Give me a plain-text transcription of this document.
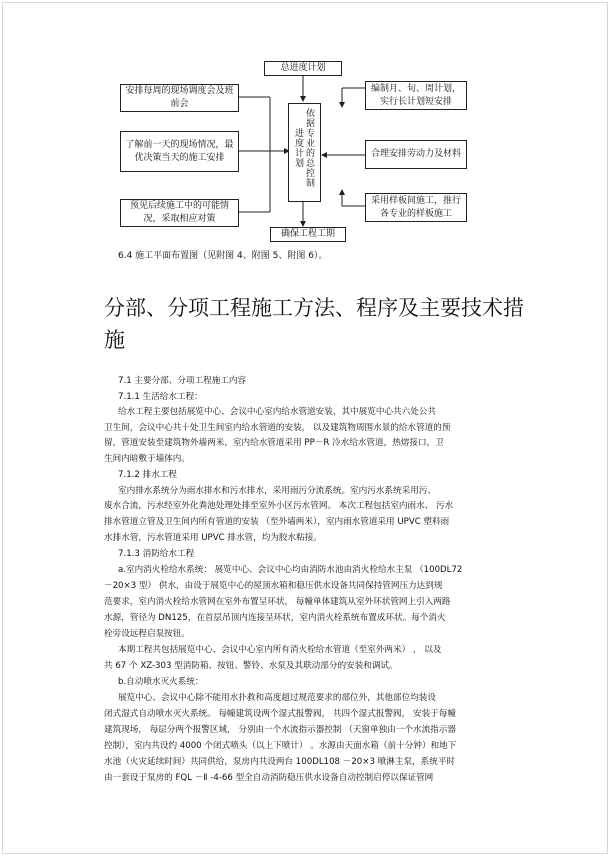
总进度计划
依据专业的总控制
进度计划
确保工程工期
安排每周的现场调度会及班前会
了解前一天的现场情况，最优决策当天的施工安排
预见后续施工中的可能情况，采取相应对策
编制月、旬、周计划，实行长计划短安排
合理安排劳动力及材料
采用样板间施工，推行各专业的样板施工
6.4 施工平面布置图（见附图 4、附图 5、附图 6）。
分部、分项工程施工方法、程序及主要技术措施
7.1 主要分部、分项工程施工内容
7.1.1 生活给水工程：
给水工程主要包括展览中心、会议中心室内给水管道安装，其中展览中心共六处公共
卫生间，会议中心共十处卫生间室内给水管道的安装， 以及建筑物周围水景的给水管道的预
留，管道安装至建筑物外墙两米，室内给水管道采用 PP－R 冷水给水管道，热熔接口，卫
生间内暗敷于墙体内。
7.1.2 排水工程
室内排水系统分为雨水排水和污水排水，采用雨污分流系统。室内污水系统采用污、
废水合流，污水经室外化粪池处理处排至室外小区污水管网。 本次工程包括室内雨水、 污水
排水管道立管及卫生间内所有管道的安装 （至外墙两米），室内雨水管道采用 UPVC 塑料雨
水排水管，污水管道采用 UPVC 排水管，均为胶水粘接。
7.1.3 消防给水工程
a.室内消火栓给水系统： 展览中心、会议中心均由消防水池由消火栓给水主泵 （100DL72
－20×3 型） 供水，由设于展览中心的屋顶水箱和稳压供水设备共同保持管网压力达到规
范要求，室内消火栓给水管网在室外布置呈环状， 每幢单体建筑从室外环状管网上引入两路
水源，管径为 DN125，在首层吊顶内连接呈环状，室内消火栓系统布置成环状。每个消火
栓旁设远程启泵按钮。
本期工程共包括展览中心、会议中心室内所有消火栓给水管道（至室外两米） ， 以及
共 67 个 XZ-303 型消防箱、按钮、警铃、水泵及其联动部分的安装和调试。
b.自动喷水灭火系统：
展览中心、会议中心除不能用水扑救和高度超过规范要求的部位外，其他部位均装设
闭式湿式自动喷水灭火系统。 每幢建筑设两个湿式报警阀， 共四个湿式报警阀， 安装于每幢
建筑现场， 每层分两个报警区域， 分别由一个水流指示器控制 （天窗单独由一个水流指示器
控制），室内共设约 4000 个闭式喷头（以上下喷计） 。水源由天面水箱（前十分钟）和地下
水池（火灾延续时间）共同供给，泵房内共设两台 100DL108 －20×3 喷淋主泵，系统平时
由一套设于泵房的 FQL －Ⅱ -4-66 型全自动消防稳压供水设备自动控制启停以保证管网
